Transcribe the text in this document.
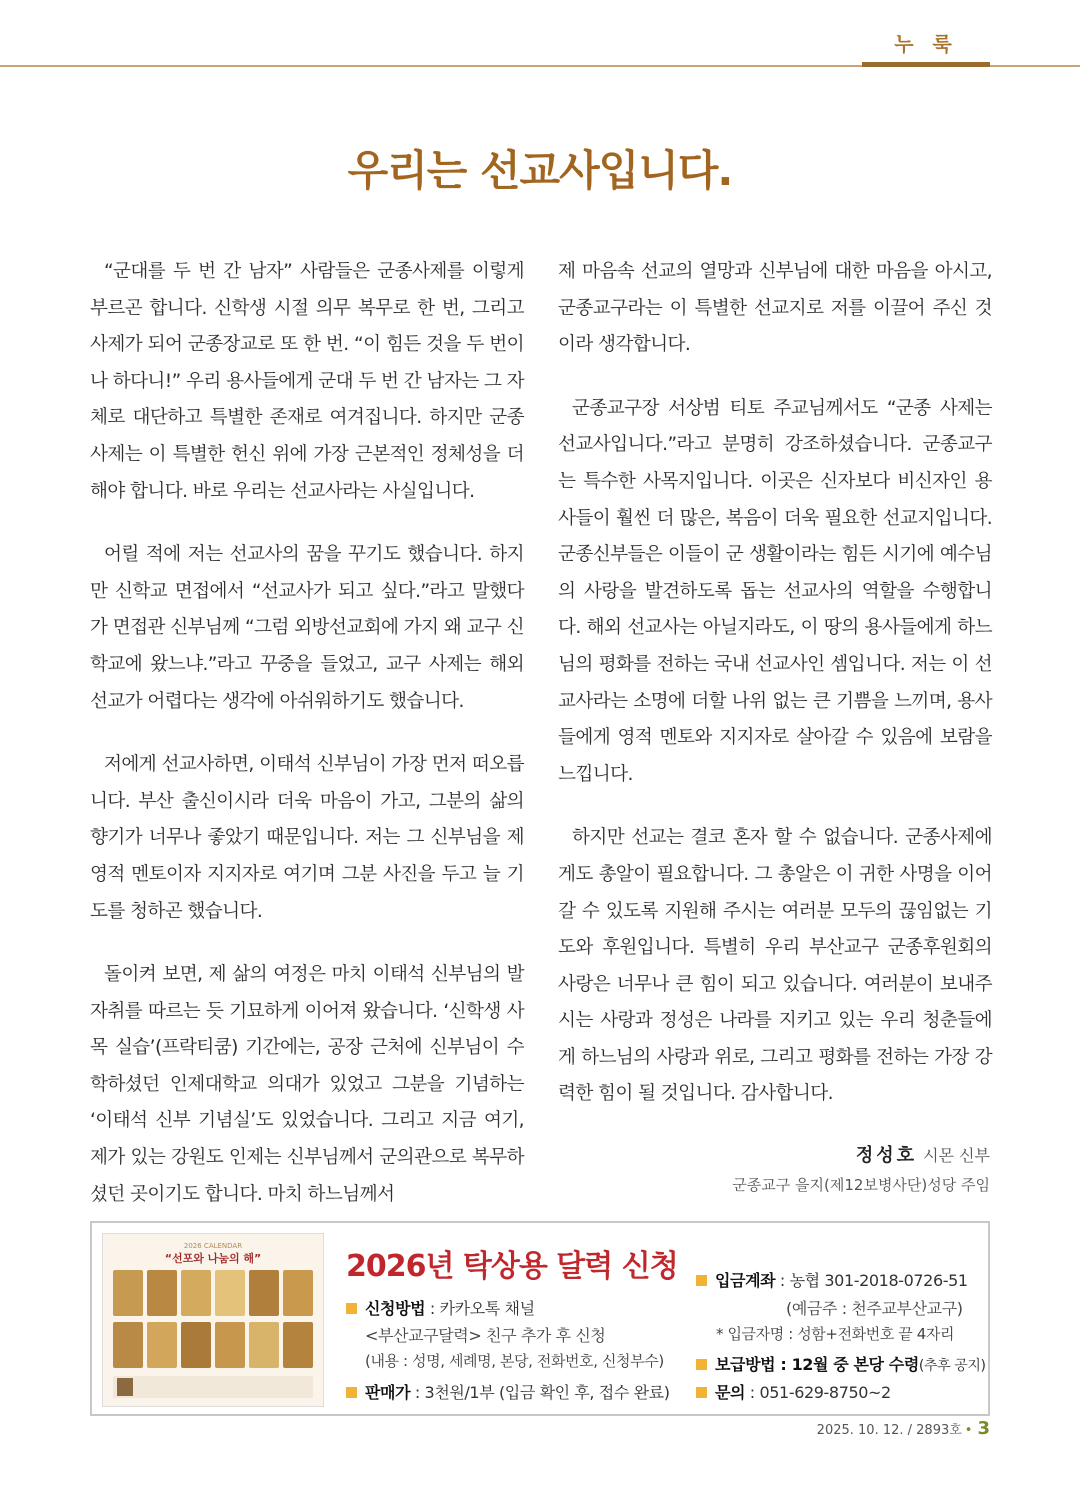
누 룩
우리는 선교사입니다.

“군대를 두 번 간 남자” 사람들은 군종사제를 이렇게 부르곤 합니다. 신학생 시절 의무 복무로 한 번, 그리고 사제가 되어 군종장교로 또 한 번. “이 힘든 것을 두 번이나 하다니!” 우리 용사들에게 군대 두 번 간 남자는 그 자체로 대단하고 특별한 존재로 여겨집니다. 하지만 군종사제는 이 특별한 헌신 위에 가장 근본적인 정체성을 더해야 합니다. 바로 우리는 선교사라는 사실입니다.

어릴 적에 저는 선교사의 꿈을 꾸기도 했습니다. 하지만 신학교 면접에서 “선교사가 되고 싶다.”라고 말했다가 면접관 신부님께 “그럼 외방선교회에 가지 왜 교구 신학교에 왔느냐.”라고 꾸중을 들었고, 교구 사제는 해외 선교가 어렵다는 생각에 아쉬워하기도 했습니다.

저에게 선교사하면, 이태석 신부님이 가장 먼저 떠오릅니다. 부산 출신이시라 더욱 마음이 가고, 그분의 삶의 향기가 너무나 좋았기 때문입니다. 저는 그 신부님을 제 영적 멘토이자 지지자로 여기며 그분 사진을 두고 늘 기도를 청하곤 했습니다.

돌이켜 보면, 제 삶의 여정은 마치 이태석 신부님의 발자취를 따르는 듯 기묘하게 이어져 왔습니다. ‘신학생 사목 실습’(프락티쿰) 기간에는, 공장 근처에 신부님이 수학하셨던 인제대학교 의대가 있었고 그분을 기념하는 ‘이태석 신부 기념실’도 있었습니다. 그리고 지금 여기, 제가 있는 강원도 인제는 신부님께서 군의관으로 복무하셨던 곳이기도 합니다. 마치 하느님께서

제 마음속 선교의 열망과 신부님에 대한 마음을 아시고, 군종교구라는 이 특별한 선교지로 저를 이끌어 주신 것이라 생각합니다.

군종교구장 서상범 티토 주교님께서도 “군종 사제는 선교사입니다.”라고 분명히 강조하셨습니다. 군종교구는 특수한 사목지입니다. 이곳은 신자보다 비신자인 용사들이 훨씬 더 많은, 복음이 더욱 필요한 선교지입니다. 군종신부들은 이들이 군 생활이라는 힘든 시기에 예수님의 사랑을 발견하도록 돕는 선교사의 역할을 수행합니다. 해외 선교사는 아닐지라도, 이 땅의 용사들에게 하느님의 평화를 전하는 국내 선교사인 셈입니다. 저는 이 선교사라는 소명에 더할 나위 없는 큰 기쁨을 느끼며, 용사들에게 영적 멘토와 지지자로 살아갈 수 있음에 보람을 느낍니다.

하지만 선교는 결코 혼자 할 수 없습니다. 군종사제에게도 총알이 필요합니다. 그 총알은 이 귀한 사명을 이어갈 수 있도록 지원해 주시는 여러분 모두의 끊임없는 기도와 후원입니다. 특별히 우리 부산교구 군종후원회의 사랑은 너무나 큰 힘이 되고 있습니다. 여러분이 보내주시는 사랑과 정성은 나라를 지키고 있는 우리 청춘들에게 하느님의 사랑과 위로, 그리고 평화를 전하는 가장 강력한 힘이 될 것입니다. 감사합니다.

정성호 시몬 신부
군종교구 을지(제12보병사단)성당 주임
2026 CALENDAR
“선포와 나눔의 해”	2026년 탁상용 달력 신청
신청방법 : 카카오톡 채널
<부산교구달력> 친구 추가 후 신청
(내용 : 성명, 세례명, 본당, 전화번호, 신청부수)
판매가 : 3천원/1부 (입금 확인 후, 접수 완료)
입금계좌 : 농협 301-2018-0726-51
(예금주 : 천주교부산교구)
* 입금자명 : 성함+전화번호 끝 4자리
보급방법 : 12월 중 본당 수령(추후 공지)
문의 : 051-629-8750~2
2025. 10. 12. / 2893호 • 3
